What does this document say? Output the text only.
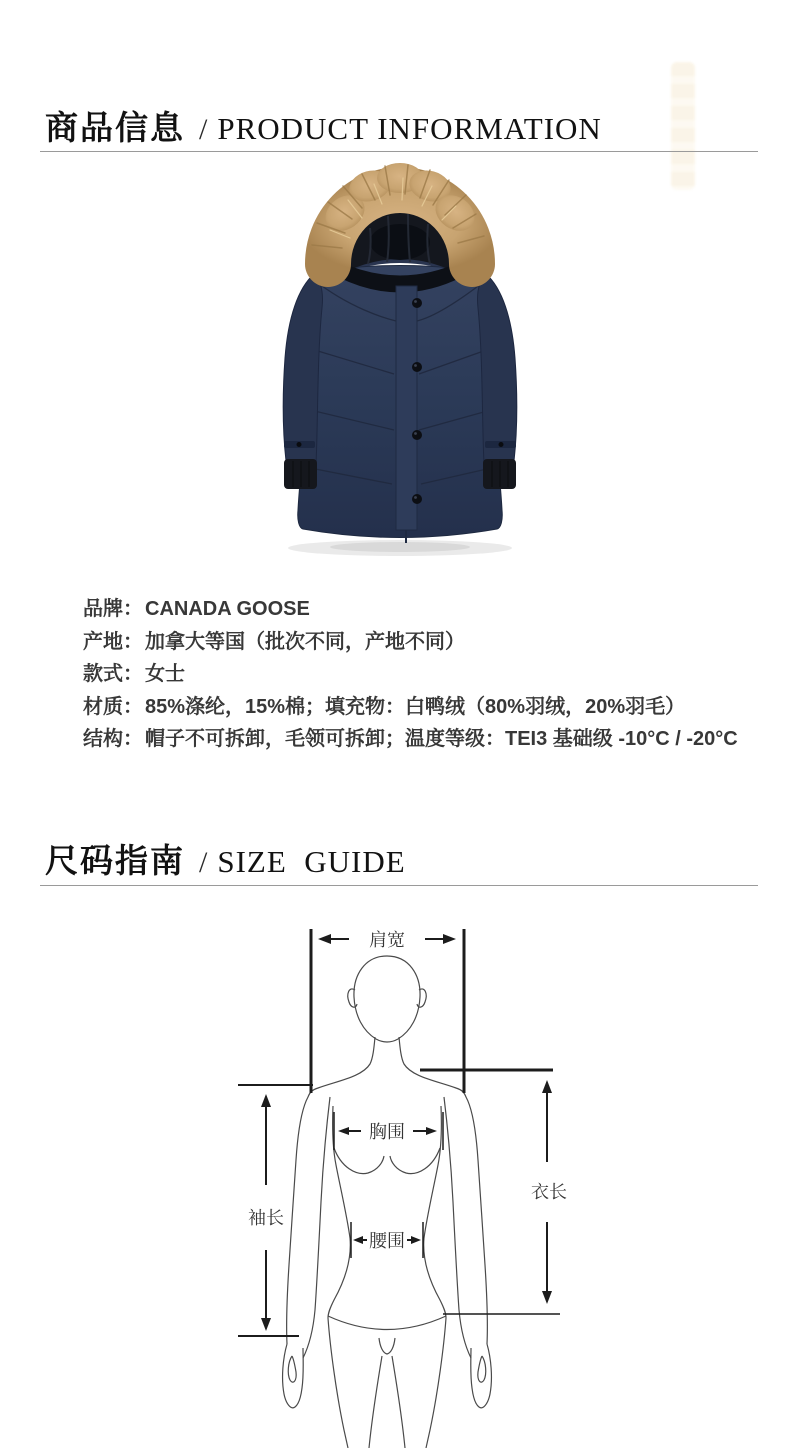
商品信息 / PRODUCT INFORMATION
品牌： CANADA GOOSE
产地： 加拿大等国（批次不同，产地不同）
款式： 女士
材质： 85%涤纶，15%棉；填充物：白鸭绒（80%羽绒，20%羽毛）
结构： 帽子不可拆卸，毛领可拆卸；温度等级：TEI3 基础级 -10°C / -20°C
尺码指南 / SIZE  GUIDE
肩宽
胸围
腰围
袖长
衣长
